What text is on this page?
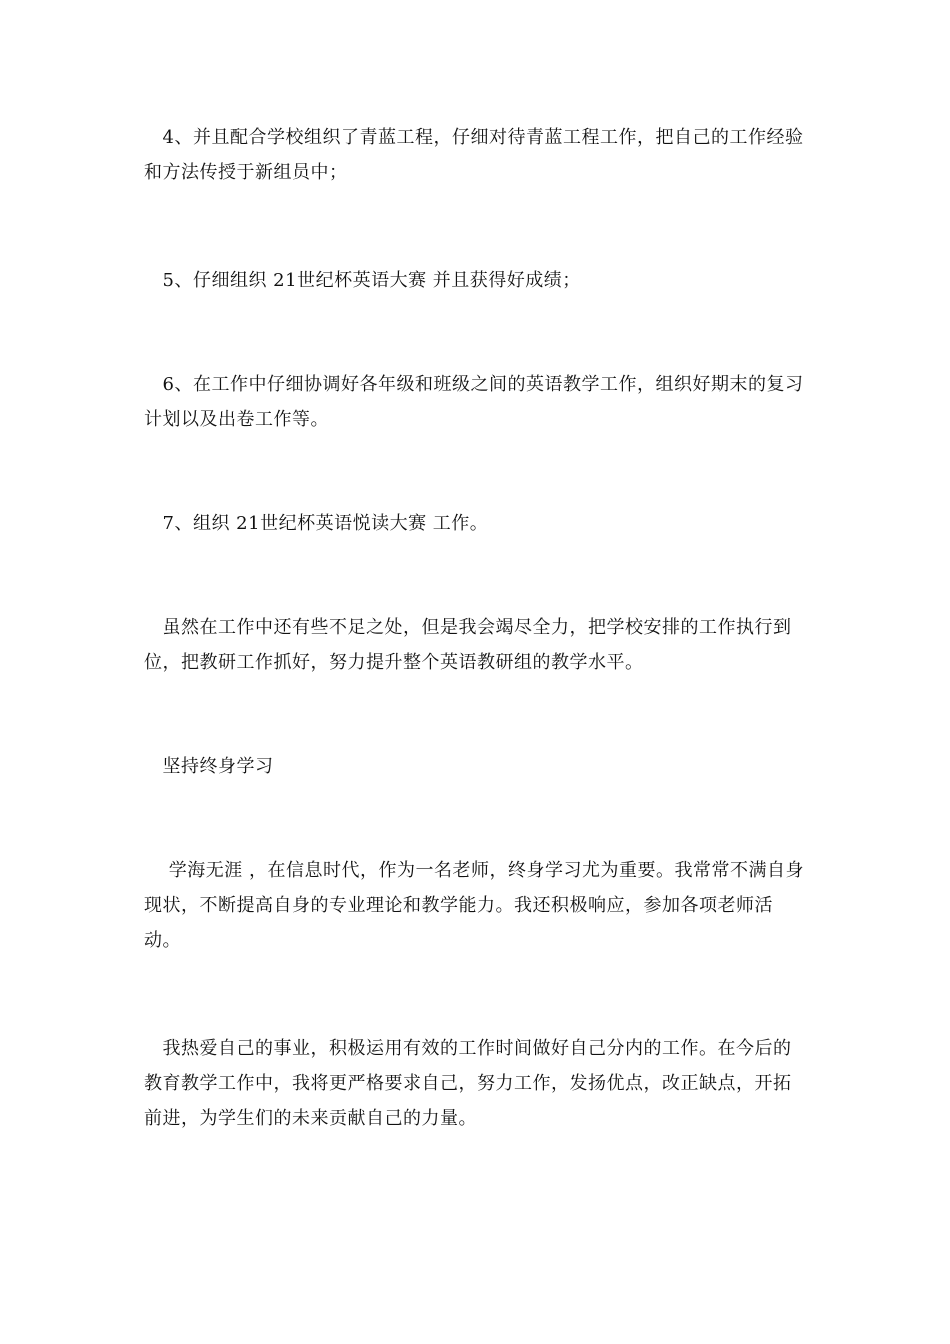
　4、并且配合学校组织了青蓝工程，仔细对待青蓝工程工作，把自己的工作经验和方法传授于新组员中；

　5、仔细组织 21世纪杯英语大赛 并且获得好成绩；

　6、在工作中仔细协调好各年级和班级之间的英语教学工作，组织好期末的复习计划以及出卷工作等。

　7、组织 21世纪杯英语悦读大赛 工作。

　虽然在工作中还有些不足之处，但是我会竭尽全力，把学校安排的工作执行到位，把教研工作抓好，努力提升整个英语教研组的教学水平。

　坚持终身学习

　 学海无涯 ，在信息时代，作为一名老师，终身学习尤为重要。我常常不满自身现状，不断提高自身的专业理论和教学能力。我还积极响应，参加各项老师活动。

　我热爱自己的事业，积极运用有效的工作时间做好自己分内的工作。在今后的教育教学工作中，我将更严格要求自己，努力工作，发扬优点，改正缺点，开拓前进，为学生们的未来贡献自己的力量。
